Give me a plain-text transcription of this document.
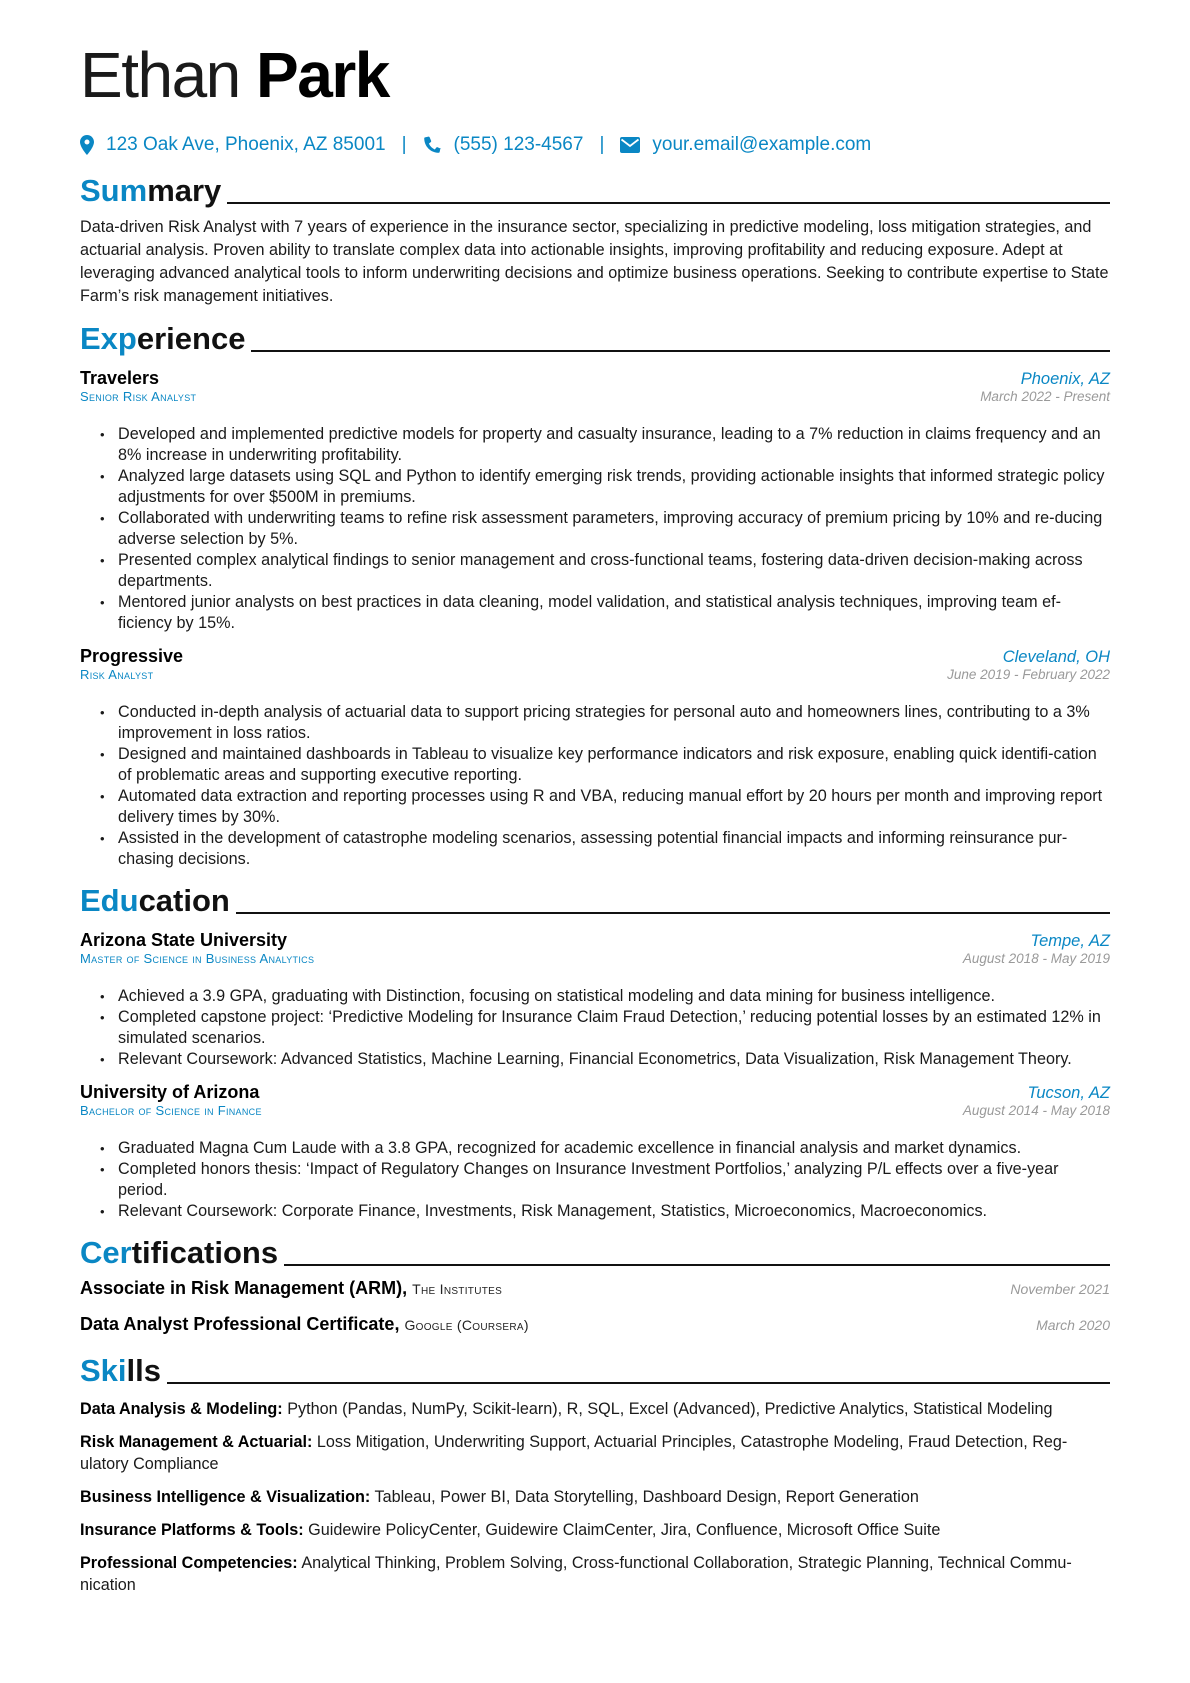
Ethan Park
123 Oak Ave, Phoenix, AZ 85001 | (555) 123-4567 |	your.email@example.com
Summary

Data-driven Risk Analyst with 7 years of experience in the insurance sector, specializing in predictive modeling, loss mitigation strategies, and actuarial analysis. Proven ability to translate complex data into actionable insights, improving profitability and reducing exposure. Adept at leveraging advanced analytical tools to inform underwriting decisions and optimize business operations. Seeking to contribute expertise to State Farm’s risk management initiatives.

Experience
Travelers	Phoenix, AZ
Senior Risk Analyst	March 2022 - Present
• Developed and implemented predictive models for property and casualty insurance, leading to a 7% reduction in claims frequency and an 8% increase in underwriting profitability.
• Analyzed large datasets using SQL and Python to identify emerging risk trends, providing actionable insights that informed strategic policy adjustments for over $500M in premiums.
• Collaborated with underwriting teams to refine risk assessment parameters, improving accuracy of premium pricing by 10% and re-ducing adverse selection by 5%.
• Presented complex analytical findings to senior management and cross-functional teams, fostering data-driven decision-making across departments.
• Mentored junior analysts on best practices in data cleaning, model validation, and statistical analysis techniques, improving team ef-ficiency by 15%.
Progressive	Cleveland, OH
Risk Analyst	June 2019 - February 2022
• Conducted in-depth analysis of actuarial data to support pricing strategies for personal auto and homeowners lines, contributing to a 3% improvement in loss ratios.
• Designed and maintained dashboards in Tableau to visualize key performance indicators and risk exposure, enabling quick identifi-cation of problematic areas and supporting executive reporting.
• Automated data extraction and reporting processes using R and VBA, reducing manual effort by 20 hours per month and improving report delivery times by 30%.
• Assisted in the development of catastrophe modeling scenarios, assessing potential financial impacts and informing reinsurance pur-chasing decisions.
Education
Arizona State University	Tempe, AZ
Master of Science in Business Analytics	August 2018 - May 2019
• Achieved a 3.9 GPA, graduating with Distinction, focusing on statistical modeling and data mining for business intelligence.
• Completed capstone project: ‘Predictive Modeling for Insurance Claim Fraud Detection,’ reducing potential losses by an estimated 12% in simulated scenarios.
• Relevant Coursework: Advanced Statistics, Machine Learning, Financial Econometrics, Data Visualization, Risk Management Theory.
University of Arizona	Tucson, AZ
Bachelor of Science in Finance	August 2014 - May 2018
• Graduated Magna Cum Laude with a 3.8 GPA, recognized for academic excellence in financial analysis and market dynamics.
• Completed honors thesis: ‘Impact of Regulatory Changes on Insurance Investment Portfolios,’ analyzing P/L effects over a five-year period.
• Relevant Coursework: Corporate Finance, Investments, Risk Management, Statistics, Microeconomics, Macroeconomics.
Certifications
Associate in Risk Management (ARM), The Institutes	November 2021
Data Analyst Professional Certificate, Google (Coursera)	March 2020
Skills

Data Analysis & Modeling: Python (Pandas, NumPy, Scikit-learn), R, SQL, Excel (Advanced), Predictive Analytics, Statistical Modeling

Risk Management & Actuarial: Loss Mitigation, Underwriting Support, Actuarial Principles, Catastrophe Modeling, Fraud Detection, Reg-ulatory Compliance

Business Intelligence & Visualization: Tableau, Power BI, Data Storytelling, Dashboard Design, Report Generation

Insurance Platforms & Tools: Guidewire PolicyCenter, Guidewire ClaimCenter, Jira, Confluence, Microsoft Office Suite

Professional Competencies: Analytical Thinking, Problem Solving, Cross-functional Collaboration, Strategic Planning, Technical Commu-nication
